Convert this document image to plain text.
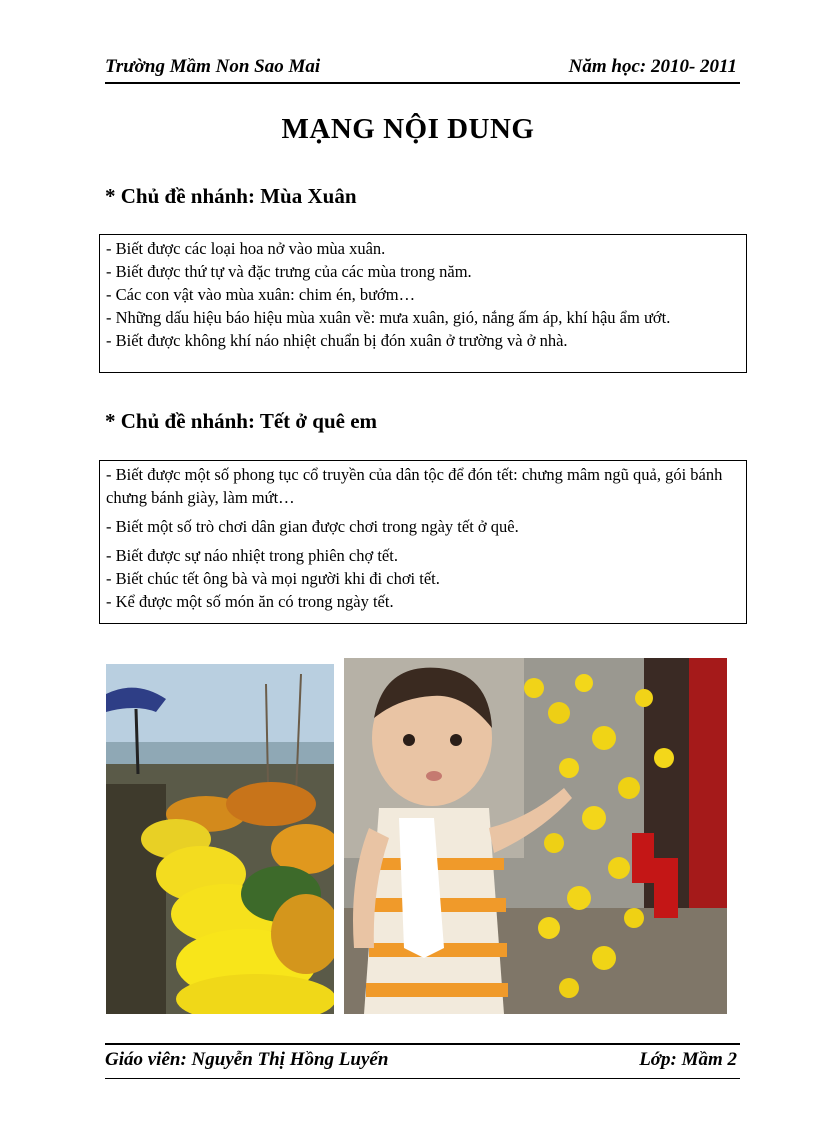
Trường Mầm Non Sao Mai	Năm học: 2010- 2011
MẠNG NỘI DUNG
* Chủ đề nhánh: Mùa Xuân

- Biết được các loại hoa nở vào mùa xuân.

- Biết được thứ tự và đặc trưng của các mùa trong năm.

- Các con vật vào mùa xuân: chim én, bướm…

- Những dấu hiệu báo hiệu mùa xuân về: mưa xuân, gió, nắng ấm áp, khí hậu ẩm ướt.

- Biết được không khí náo nhiệt chuẩn bị đón xuân ở trường và ở nhà.

* Chủ đề nhánh: Tết ở quê em

- Biết được một số phong tục cổ truyền của dân tộc để đón tết: chưng mâm ngũ quả, gói bánh chưng bánh giày, làm mứt…

- Biết một số trò chơi dân gian được chơi trong ngày tết ở quê.

- Biết được sự náo nhiệt trong phiên chợ tết.

- Biết chúc tết ông bà và mọi người khi đi chơi tết.

- Kể được một số món ăn có trong ngày tết.

Giáo viên: Nguyễn Thị Hồng Luyến	Lớp: Mầm 2
